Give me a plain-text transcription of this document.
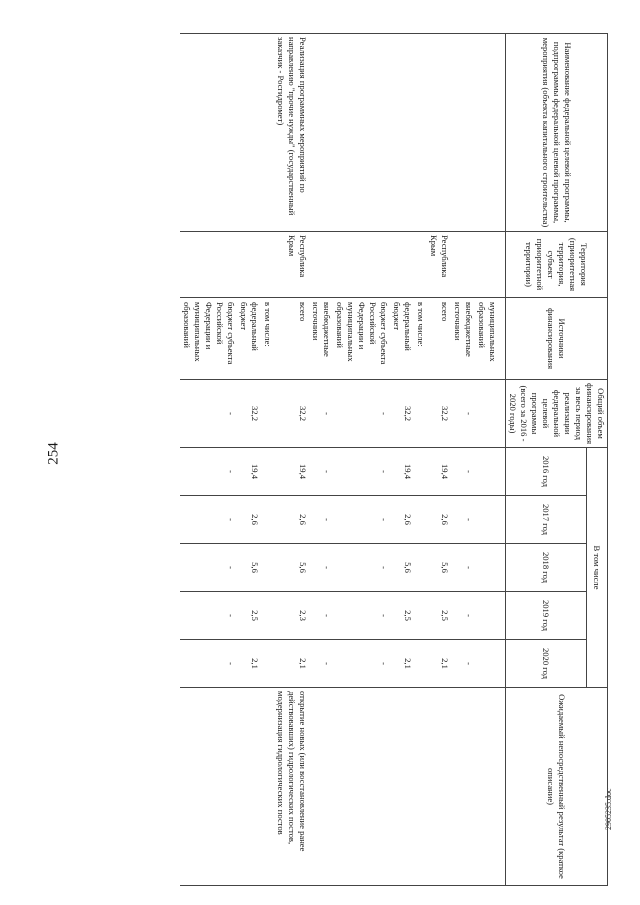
254
2905235.doc
Наименование федеральной целевой программы, подпрограммы федеральной целевой программы, мероприятия (объекта капитального строительства)	Территория (приоритетная территория, субъект приоритетной территории)	Источники финансирования	Общий объем финансирования за весь период реализации федеральной целевой программы (всего за 2016 - 2020 годы)	В том числе					Ожидаемый непосредственный результат (краткое описание)
				2016 год	2017 год	2018 год	2019 год	2020 год	

		муниципальных образований							
		внебюджетные источники	-	-	-	-	-	-	
	Республика Крым	всего	32,2	19,4	2,6	5,6	2,5	2,1	
		в том числе:							
		федеральный бюджет	32,2	19,4	2,6	5,6	2,5	2,1	
		бюджет субъекта Российской Федерации и муниципальных образований	-	-	-	-	-	-	
		внебюджетные источники	-	-	-	-	-	-	
Реализация программных мероприятий по направлению "прочие нужды" (государственный заказчик - Росгидромет)	Республика Крым	всего	32,2	19,4	2,6	5,6	2,3	2,1	открытие новых (или восстановление ранее действовавших) гидрологических постов, модернизация гидрологических постов
		в том числе:							
		федеральный бюджет	32,2	19,4	2,6	5,6	2,5	2,1	
		бюджет субъекта Российской Федерации и муниципальных образований	-	-	-	-	-	-	
